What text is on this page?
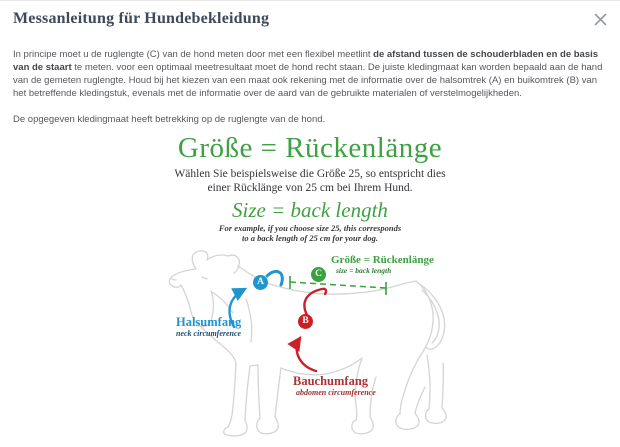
Messanleitung für Hundebekleidung

In principe moet u de ruglengte (C) van de hond meten door met een flexibel meetlint de afstand tussen de schouderbladen en de basis van de staart te meten. voor een optimaal meetresultaat moet de hond recht staan. De juiste kledingmaat kan worden bepaald aan de hand van de gemeten ruglengte. Houd bij het kiezen van een maat ook rekening met de informatie over de halsomtrek (A) en buikomtrek (B) van het betreffende kledingstuk, evenals met de informatie over de aard van de gebruikte materialen of verstelmogelijkheden.

De opgegeven kledingmaat heeft betrekking op de ruglengte van de hond.

Größe = Rückenlänge
Wählen Sie beispielsweise die Größe 25, so entspricht dies
einer Rücklänge von 25 cm bei Ihrem Hund.
Size = back length
For example, if you choose size 25, this corresponds
to a back length of 25 cm for your dog.
A
C
B
Größe = Rückenlänge
size = back length
Halsumfang
neck circumference
Bauchumfang
abdomen circumference
